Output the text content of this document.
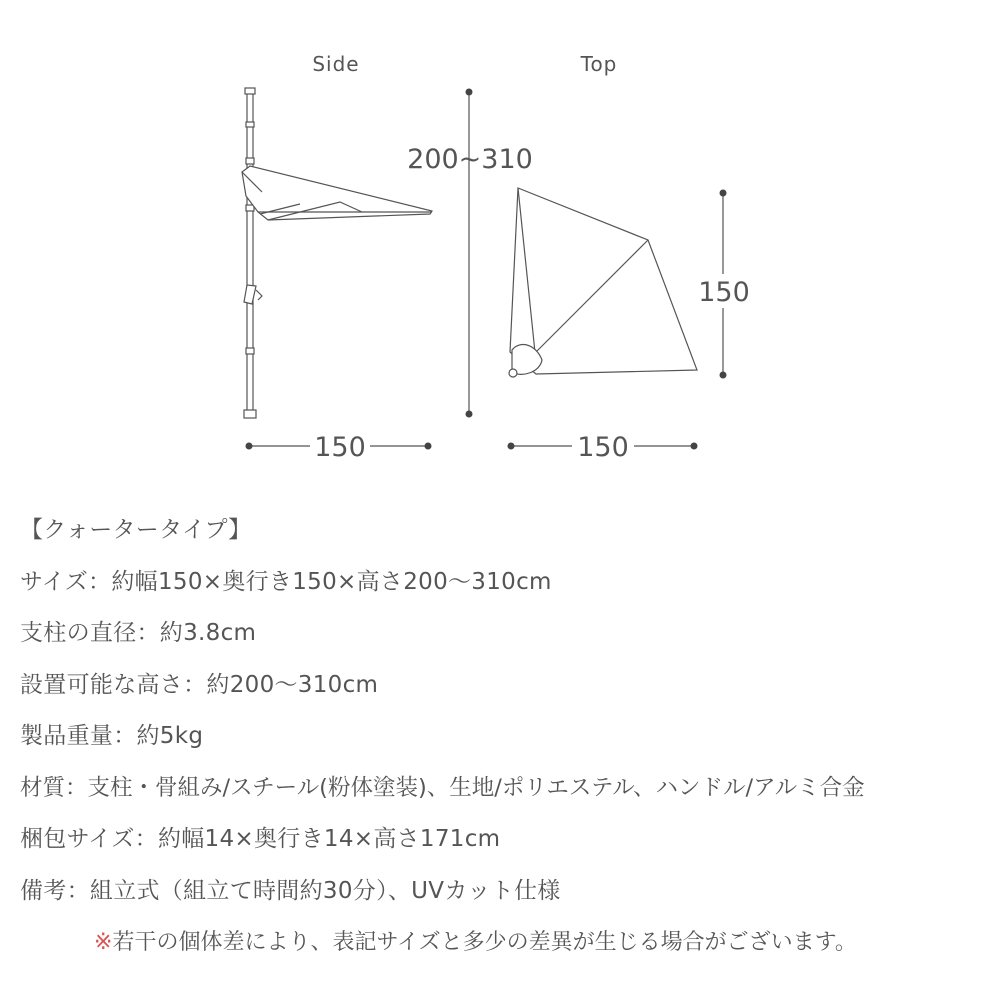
Side	Top
200~310
150
150	150
【クォータータイプ】
サイズ：約幅150×奥行き150×高さ200〜310cm
支柱の直径：約3.8cm
設置可能な高さ：約200〜310cm
製品重量：約5kg
材質：支柱・骨組み/スチール(粉体塗装)、生地/ポリエステル、ハンドル/アルミ合金
梱包サイズ：約幅14×奥行き14×高さ171cm
備考：組立式（組立て時間約30分）、UVカット仕様
※若干の個体差により、表記サイズと多少の差異が生じる場合がございます。
